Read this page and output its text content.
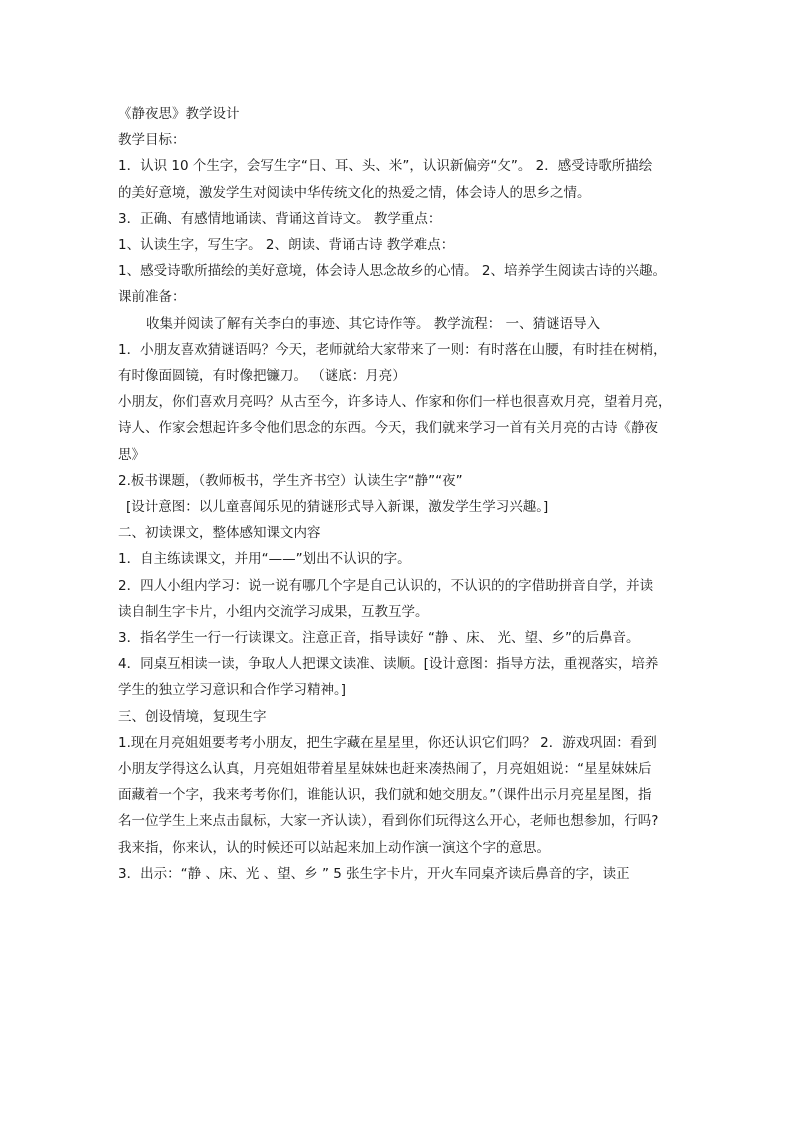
《静夜思》教学设计
教学目标：
1．认识 10 个生字，会写生字“日、耳、头、米”，认识新偏旁“攵”。 2．感受诗歌所描绘
的美好意境，激发学生对阅读中华传统文化的热爱之情，体会诗人的思乡之情。
3．正确、有感情地诵读、背诵这首诗文。 教学重点：
1、认读生字，写生字。 2、朗读、背诵古诗 教学难点：
1、感受诗歌所描绘的美好意境，体会诗人思念故乡的心情。 2、培养学生阅读古诗的兴趣。
课前准备：
收集并阅读了解有关李白的事迹、其它诗作等。 教学流程： 一、猜谜语导入
1．小朋友喜欢猜谜语吗？今天，老师就给大家带来了一则：有时落在山腰，有时挂在树梢，
有时像面圆镜，有时像把镰刀。 （谜底：月亮）
小朋友，你们喜欢月亮吗？从古至今，许多诗人、作家和你们一样也很喜欢月亮，望着月亮，
诗人、作家会想起许多令他们思念的东西。今天，我们就来学习一首有关月亮的古诗《静夜
思》
2.板书课题，（教师板书，学生齐书空）认读生字“静”“夜”
[设计意图：以儿童喜闻乐见的猜谜形式导入新课，激发学生学习兴趣。]
二、初读课文，整体感知课文内容
1．自主练读课文，并用“——”划出不认识的字。
2．四人小组内学习：说一说有哪几个字是自己认识的，不认识的的字借助拼音自学，并读
读自制生字卡片，小组内交流学习成果，互教互学。
3．指名学生一行一行读课文。注意正音，指导读好 “静 、床、 光、望、乡”的后鼻音。
4．同桌互相读一读，争取人人把课文读准、读顺。[设计意图：指导方法，重视落实，培养
学生的独立学习意识和合作学习精神。]
三、创设情境，复现生字
1.现在月亮姐姐要考考小朋友，把生字藏在星星里，你还认识它们吗？ 2．游戏巩固：看到
小朋友学得这么认真，月亮姐姐带着星星妹妹也赶来凑热闹了，月亮姐姐说：“星星妹妹后
面藏着一个字，我来考考你们，谁能认识，我们就和她交朋友。”（课件出示月亮星星图，指
名一位学生上来点击鼠标，大家一齐认读），看到你们玩得这么开心，老师也想参加，行吗?
我来指，你来认，认的时候还可以站起来加上动作演一演这个字的意思。
3．出示：“静 、床、光 、望、乡 ” 5 张生字卡片，开火车同桌齐读后鼻音的字，读正
